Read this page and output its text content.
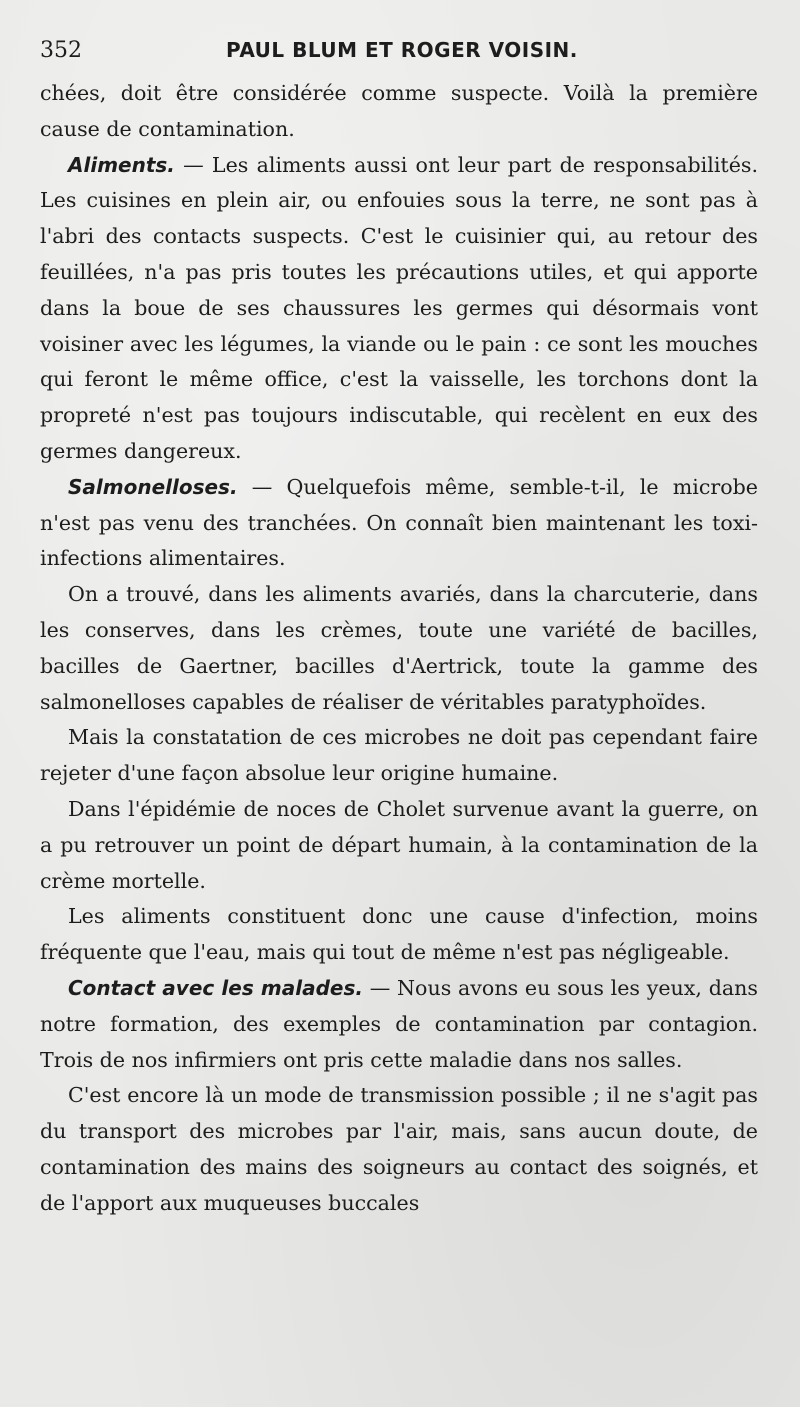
352	PAUL BLUM ET ROGER VOISIN.

chées, doit être considérée comme suspecte. Voilà la première cause de contamination.

Aliments. — Les aliments aussi ont leur part de responsabilités. Les cuisines en plein air, ou enfouies sous la terre, ne sont pas à l'abri des contacts suspects. C'est le cuisinier qui, au retour des feuillées, n'a pas pris toutes les précautions utiles, et qui apporte dans la boue de ses chaussures les germes qui désormais vont voisiner avec les légumes, la viande ou le pain : ce sont les mouches qui feront le même office, c'est la vaisselle, les torchons dont la propreté n'est pas toujours indiscutable, qui recèlent en eux des germes dangereux.

Salmonelloses. — Quelquefois même, semble-t-il, le microbe n'est pas venu des tranchées. On connaît bien maintenant les toxi-infections alimentaires.

On a trouvé, dans les aliments avariés, dans la charcuterie, dans les conserves, dans les crèmes, toute une variété de bacilles, bacilles de Gaertner, bacilles d'Aertrick, toute la gamme des salmonelloses capables de réaliser de véritables paratyphoïdes.

Mais la constatation de ces microbes ne doit pas cependant faire rejeter d'une façon absolue leur origine humaine.

Dans l'épidémie de noces de Cholet survenue avant la guerre, on a pu retrouver un point de départ humain, à la contamination de la crème mortelle.

Les aliments constituent donc une cause d'infection, moins fréquente que l'eau, mais qui tout de même n'est pas négligeable.

Contact avec les malades. — Nous avons eu sous les yeux, dans notre formation, des exemples de contamination par contagion. Trois de nos infirmiers ont pris cette maladie dans nos salles.

C'est encore là un mode de transmission possible ; il ne s'agit pas du transport des microbes par l'air, mais, sans aucun doute, de contamination des mains des soigneurs au contact des soignés, et de l'apport aux muqueuses buccales
